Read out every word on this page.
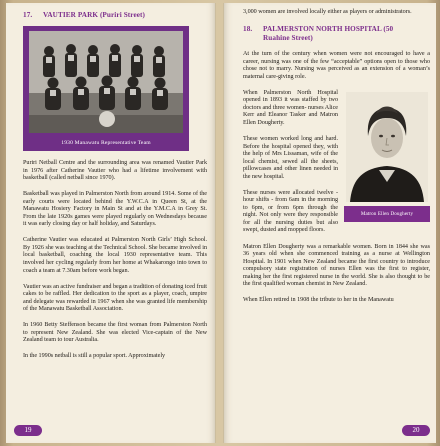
17. VAUTIER PARK (Puriri Street)
1930 Manawatu Representative Team

Puriri Netball Centre and the surrounding area was renamed Vautier Park in 1976 after Catherine Vautier who had a lifetime involvement with basketball (called netball since 1970).

Basketball was played in Palmerston North from around 1914. Some of the early courts were located behind the Y.W.C.A in Queen St, at the Manawatu Hosiery Factory in Main St and at the Y.M.C.A in Grey St. From the late 1920s games were played regularly on Wednesdays because it was early closing day or half holiday, and Saturdays.

Catherine Vautier was educated at Palmerston North Girls’ High School. By 1926 she was teaching at the Technical School. She became involved in local basketball, coaching the local 1930 representative team. This involved her cycling regularly from her home at Whakarongo into town to coach a team at 7.30am before work began.

Vautier was an active fundraiser and began a tradition of donating iced fruit cakes to be raffled. Her dedication to the sport as a player, coach, umpire and delegate was rewarded in 1967 when she was granted life membership of the Manawatu Basketball Association.

In 1960 Betty Steffenson became the first woman from Palmerston North to represent New Zealand. She was elected Vice-captain of the New Zealand team to tour Australia.

In the 1990s netball is still a popular sport. Approximately

19

3,000 women are involved locally either as players or administrators.

18. PALMERSTON NORTH HOSPITAL (50
Ruahine Street)

At the turn of the century when women were not encouraged to have a career, nursing was one of the few “acceptable” options open to those who chose not to marry. Nursing was perceived as an extension of a woman’s maternal care-giving role.

Matron Ellen Dougherty

When Palmerston North Hospital opened in 1893 it was staffed by two doctors and three women- nurses Alice Kerr and Eleanor Tasker and Matron Ellen Dougherty.

These women worked long and hard. Before the hospital opened they, with the help of Mrs Lissaman, wife of the local chemist, sewed all the sheets, pillowcases and other linen needed in the new hospital.

These nurses were allocated twelve - hour shifts - from 6am in the morning to 6pm, or from 6pm through the night. Not only were they responsible for all the nursing duties but also swept, dusted and mopped floors.

Matron Ellen Dougherty was a remarkable women. Born in 1844 she was 36 years old when she commenced training as a nurse at Wellington Hospital. In 1901 when New Zealand became the first country to introduce compulsory state registration of nurses Ellen was the first to register, making her the first registered nurse in the world. She is also thought to be the first qualified woman chemist in New Zealand.

When Ellen retired in 1908 the tribute to her in the Manawatu

20
